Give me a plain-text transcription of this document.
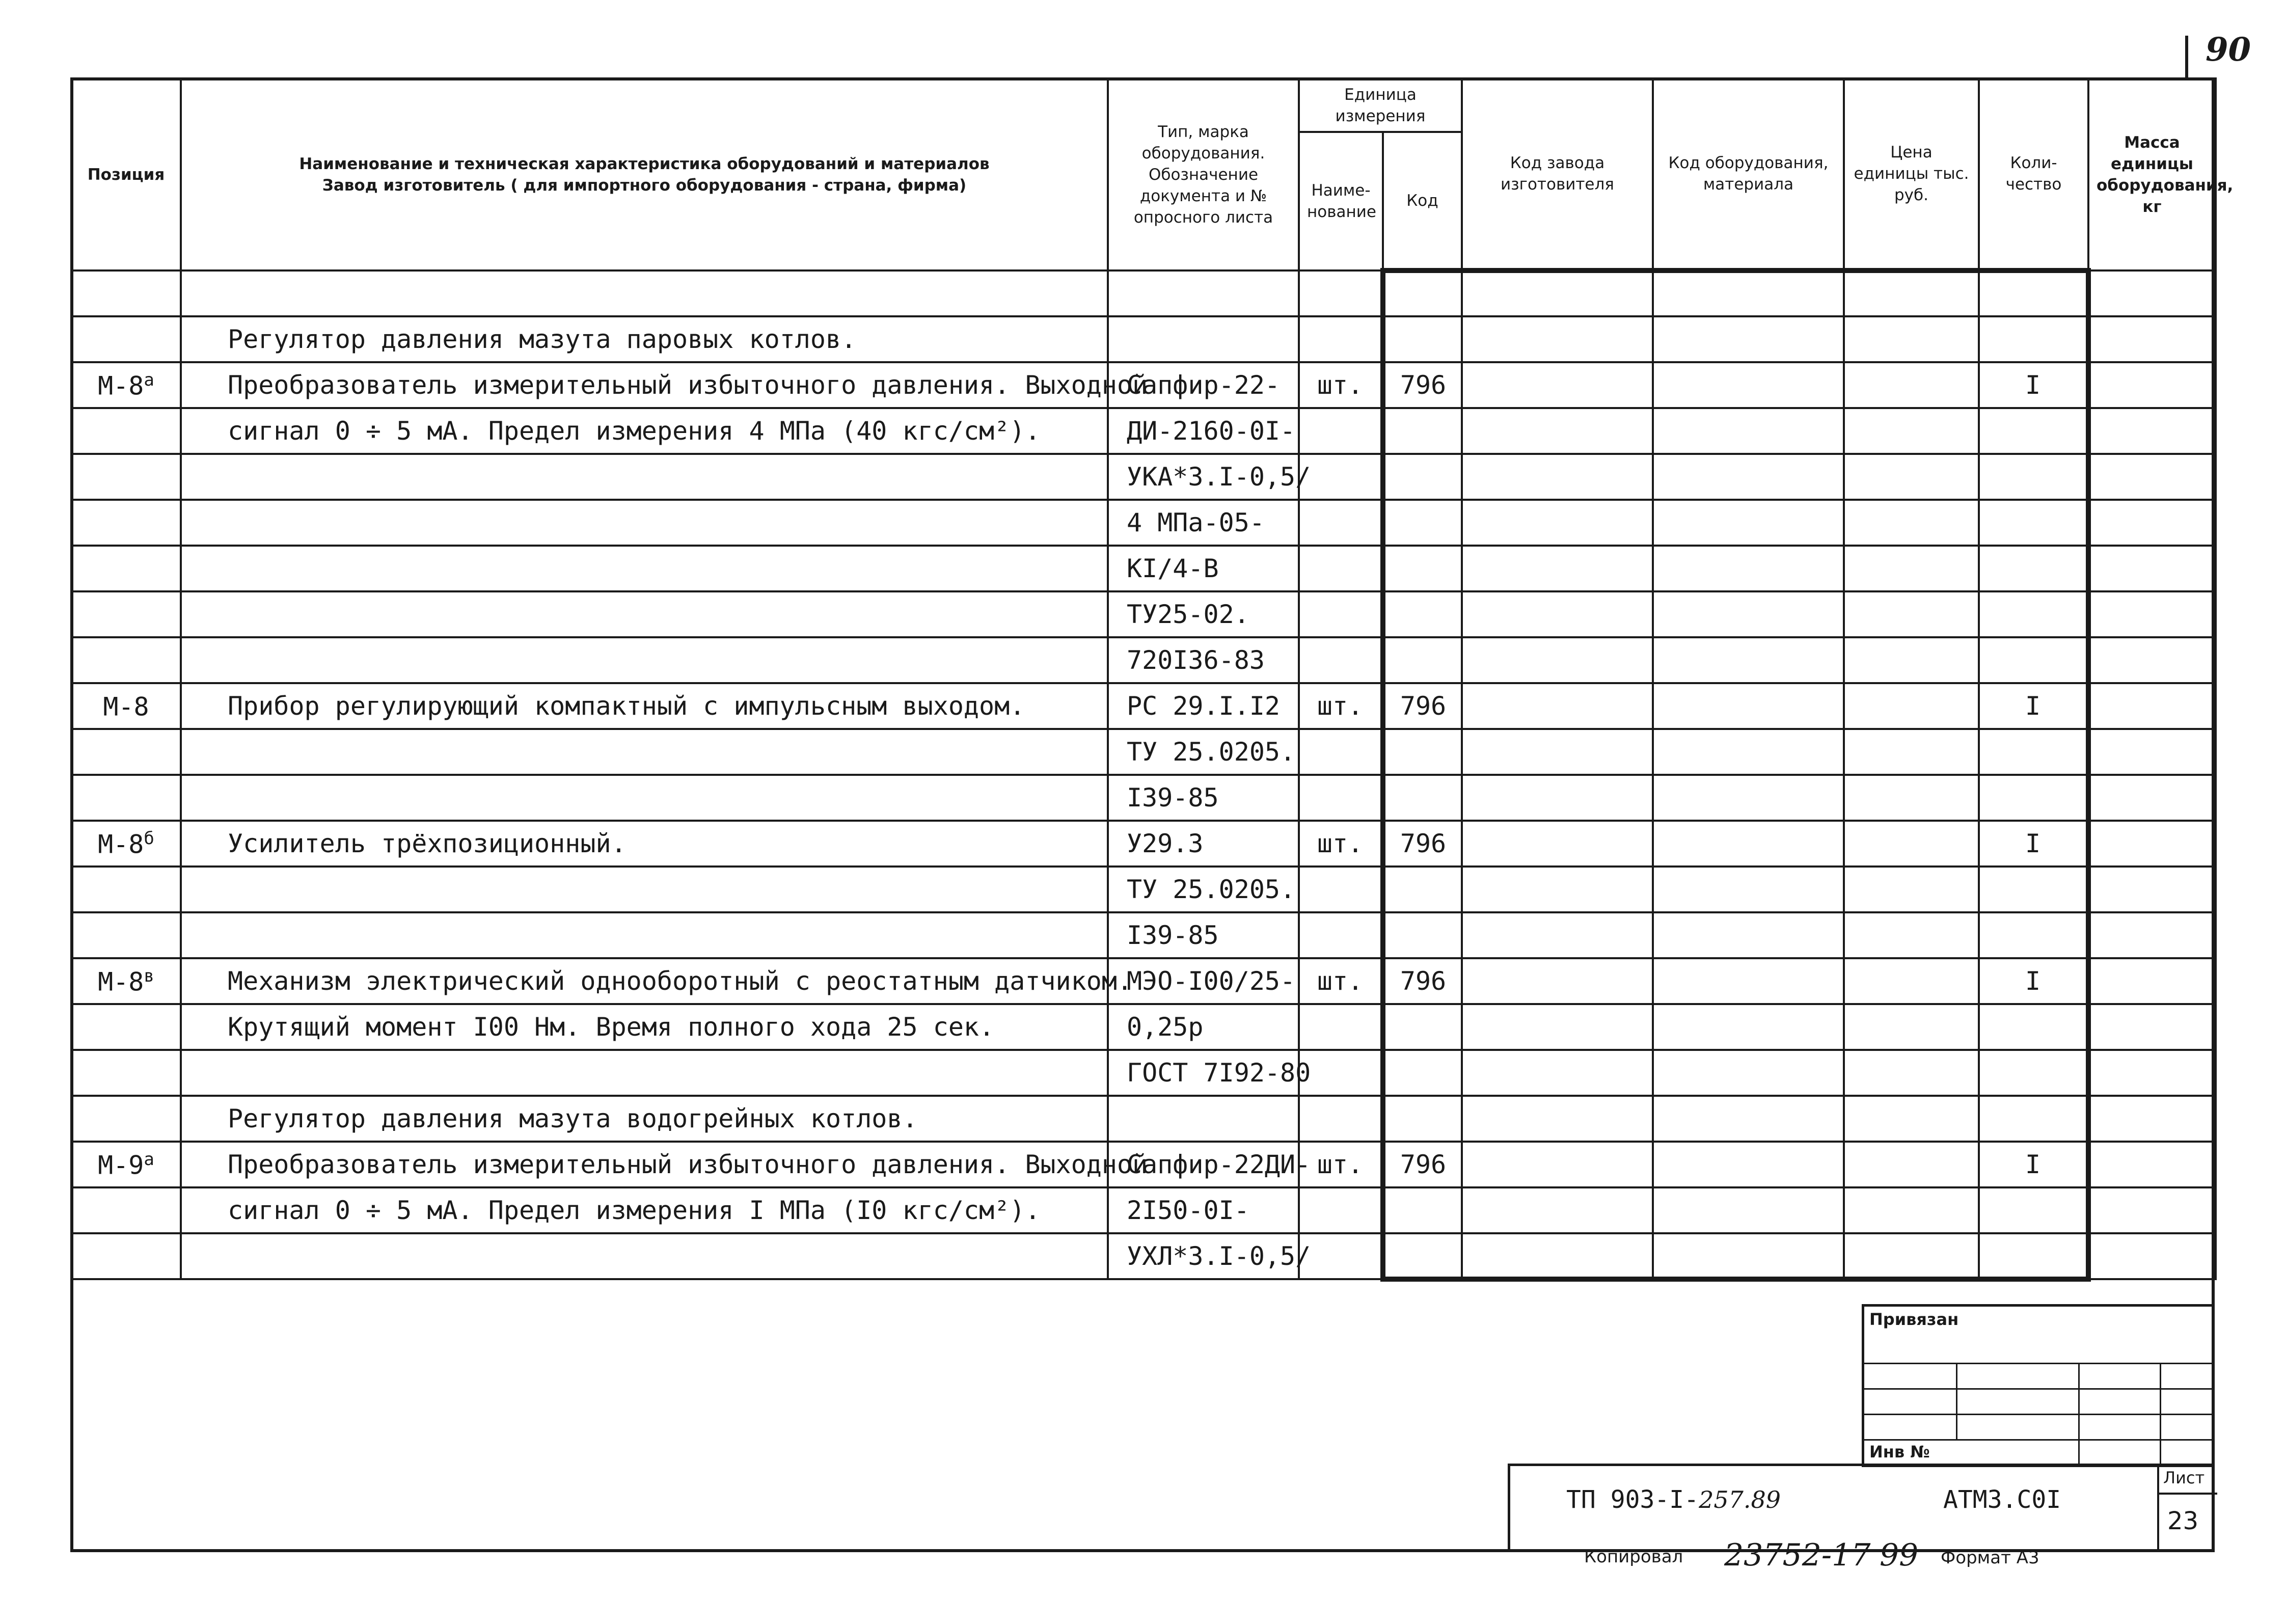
90
Позиция	Наименование и техническая характеристика оборудований и материалов
Завод изготовитель ( для импортного оборудования - страна, фирма)	Тип, марка оборудования. Обозначение документа и № опросного листа	Единица измерения		Код завода изготовителя	Код оборудования, материала	Цена единицы тыс. руб.	Коли-чество	Масса единицы оборудования, кг
			Наиме-нование	Код					

	Регулятор давления мазута паровых котлов.								
$М-8^а$	Преобразователь измерительный избыточного давления. Выходной	Сапфир-22-	шт.	796				I	
	сигнал 0 ÷ 5 мА. Предел измерения 4 МПа (40 кгс/см²).	ДИ-2160-0I-							
		УКА*3.I-0,5/							
		4 МПа-05-							
		КI/4-В							
		ТУ25-02.							
		720I36-83							
М-8	Прибор регулирующий компактный с импульсным выходом.	РС 29.I.I2	шт.	796				I	
		ТУ 25.0205.							
		I39-85							
$М-8^б$	Усилитель трёхпозиционный.	У29.3	шт.	796				I	
		ТУ 25.0205.							
		I39-85							
$М-8^в$	Механизм электрический однооборотный с реостатным датчиком.	МЭО-I00/25-	шт.	796				I	
	Крутящий момент I00 Нм. Время полного хода 25 сек.	0,25р							
		ГОСТ 7I92-80							
	Регулятор давления мазута водогрейных котлов.								
$М-9^а$	Преобразователь измерительный избыточного давления. Выходной	Сапфир-22ДИ-	шт.	796				I	
	сигнал 0 ÷ 5 мА. Предел измерения I МПа (I0 кгс/см²).	2I50-0I-							
		УХЛ*3.I-0,5/							
Привязан
Инв №
ТП 903-I-257.89	АТМ3.С0I
Лист
23
Копировал 23752-17 99 Формат А3
